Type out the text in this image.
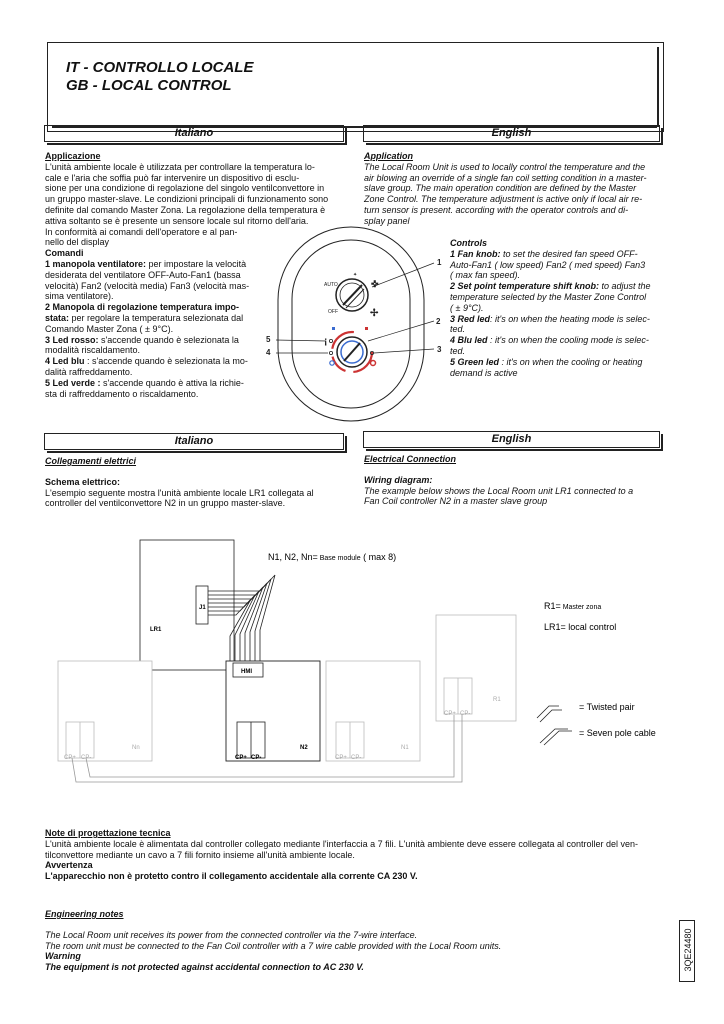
IT - CONTROLLO LOCALE
GB - LOCAL CONTROL
Italiano	English

Applicazione

L'unità ambiente locale è utilizzata per controllare la temperatura lo-

cale e l'aria che soffia può far intervenire un dispositivo di esclu-

sione per una condizione di regolazione del singolo ventilconvettore in

un gruppo master-slave. Le condizioni principali di funzionamento sono

definite dal comando Master Zona. La regolazione della temperatura è

attiva soltanto se è presente un sensore locale sul ritorno dell'aria.

In conformità ai comandi dell'operatore e al pan-

nello del display

Comandi

1 manopola ventilatore: per impostare la velocità

desiderata del ventilatore OFF-Auto-Fan1 (bassa

velocità) Fan2 (velocità media) Fan3 (velocità mas-

sima ventilatore).

2 Manopola di regolazione temperatura impo-

stata: per regolare la temperatura selezionata dal

Comando Master Zona ( ± 9°C).

3 Led rosso: s'accende quando è selezionata la

modalità riscaldamento.

4 Led blu : s'accende quando è selezionata la mo-

dalità raffreddamento.

5 Led verde : s'accende quando è attiva la richie-

sta di raffreddamento o riscaldamento.

Application

The Local Room Unit is used to locally control the temperature and the

air blowing an override of a single fan coil setting condition in a master-

slave group. The main operation condition are defined by the Master

Zone Control. The temperature adjustment is active only if local air re-

turn sensor is present. according with the operator controls and di-

splay panel

Controls

1 Fan knob: to set the desired fan speed OFF-

Auto-Fan1 ( low speed) Fan2 ( med speed) Fan3

( max fan speed).

2 Set point temperature shift knob: to adjust the

temperature selected by the Master Zone Control

( ± 9°C).

3 Red led: it's on when the heating mode is selec-

ted.

4 Blu led : it's on when the cooling mode is selec-

ted.

5 Green led : it's on when the cooling or heating

demand is active

AUTO
OFF
✜
✢
✦
¡
1
2
3
4
5
Italiano	English

Collegamenti elettrici

Schema elettrico:

L'esempio seguente mostra l'unità ambiente locale LR1 collegata al

controller del ventilconvettore N2 in un gruppo master-slave.

Electrical Connection

Wiring diagram:

The example below shows the Local Room unit LR1 connected to a

Fan Coil controller N2 in a master slave group

J1
LR1
HMI
CP+ CP-
N2
CP+ CP-
Nn
CP+ CP-
N1
CP+ CP-
R1
N1, N2, Nn= Base module ( max 8)
R1= Master zona
LR1= local control
= Twisted pair
= Seven pole cable

Note di progettazione tecnica

L'unità ambiente locale è alimentata dal controller collegato mediante l'interfaccia a 7 fili. L'unità ambiente deve essere collegata al controller del ven-

tilconvettore mediante un cavo a 7 fili fornito insieme all'unità ambiente locale.

Avvertenza

L'apparecchio non è protetto contro il collegamento accidentale alla corrente CA 230 V.

Engineering notes

The Local Room unit receives its power from the connected controller via the 7-wire interface.

The room unit must be connected to the Fan Coil controller with a 7 wire cable provided with the Local Room units.

Warning

The equipment is not protected against accidental connection to AC 230 V.	3QE24480
